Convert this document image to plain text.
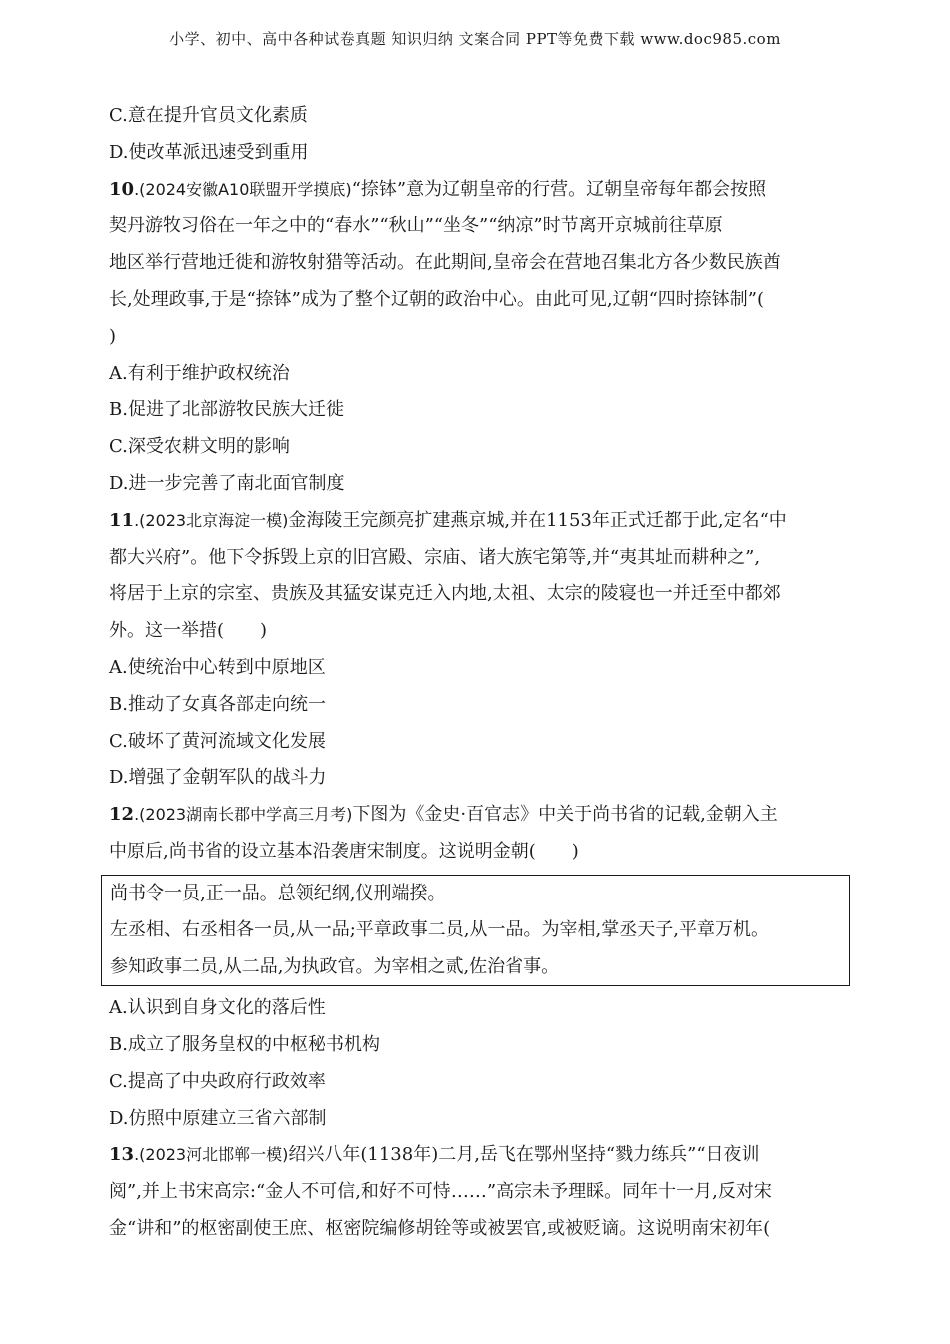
小学、初中、高中各种试卷真题 知识归纳 文案合同 PPT等免费下载 www.doc985.com

C.意在提升官员文化素质

D.使改革派迅速受到重用

10.(2024安徽A10联盟开学摸底)“捺钵”意为辽朝皇帝的行营。辽朝皇帝每年都会按照

契丹游牧习俗在一年之中的“春水”“秋山”“坐冬”“纳凉”时节离开京城前往草原

地区举行营地迁徙和游牧射猎等活动。在此期间,皇帝会在营地召集北方各少数民族酋

长,处理政事,于是“捺钵”成为了整个辽朝的政治中心。由此可见,辽朝“四时捺钵制”(

)

A.有利于维护政权统治

B.促进了北部游牧民族大迁徙

C.深受农耕文明的影响

D.进一步完善了南北面官制度

11.(2023北京海淀一模)金海陵王完颜亮扩建燕京城,并在1153年正式迁都于此,定名“中

都大兴府”。他下令拆毁上京的旧宫殿、宗庙、诸大族宅第等,并“夷其址而耕种之”,

将居于上京的宗室、贵族及其猛安谋克迁入内地,太祖、太宗的陵寝也一并迁至中都郊

外。这一举措(　　)

A.使统治中心转到中原地区

B.推动了女真各部走向统一

C.破坏了黄河流域文化发展

D.增强了金朝军队的战斗力

12.(2023湖南长郡中学高三月考)下图为《金史·百官志》中关于尚书省的记载,金朝入主

中原后,尚书省的设立基本沿袭唐宋制度。这说明金朝(　　)

尚书令一员,正一品。总领纪纲,仪刑端揆。

左丞相、右丞相各一员,从一品;平章政事二员,从一品。为宰相,掌丞天子,平章万机。

参知政事二员,从二品,为执政官。为宰相之贰,佐治省事。

A.认识到自身文化的落后性

B.成立了服务皇权的中枢秘书机构

C.提高了中央政府行政效率

D.仿照中原建立三省六部制

13.(2023河北邯郸一模)绍兴八年(1138年)二月,岳飞在鄂州坚持“戮力练兵”“日夜训

阅”,并上书宋高宗:“金人不可信,和好不可恃……”高宗未予理睬。同年十一月,反对宋

金“讲和”的枢密副使王庶、枢密院编修胡铨等或被罢官,或被贬谪。这说明南宋初年(
